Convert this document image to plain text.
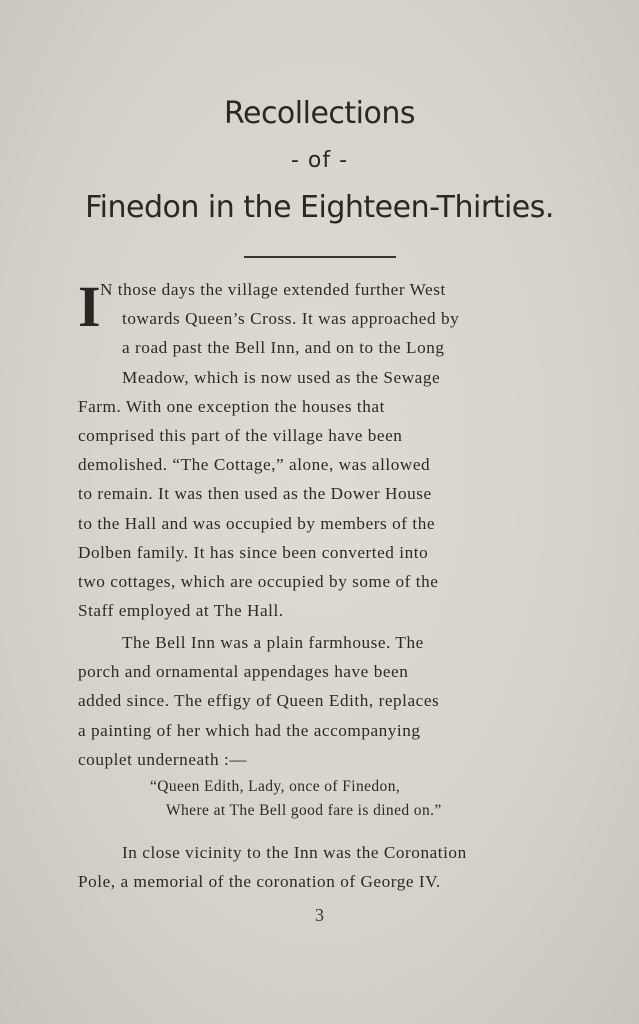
Recollections
- of -
Finedon in the Eighteen-Thirties.
I N those days the village extended further West
towards Queen’s Cross. It was approached by
a road past the Bell Inn, and on to the Long
Meadow, which is now used as the Sewage
Farm. With one exception the houses that
comprised this part of the village have been
demolished. “The Cottage,” alone, was allowed
to remain. It was then used as the Dower House
to the Hall and was occupied by members of the
Dolben family. It has since been converted into
two cottages, which are occupied by some of the
Staff employed at The Hall.
The Bell Inn was a plain farmhouse. The
porch and ornamental appendages have been
added since. The effigy of Queen Edith, replaces
a painting of her which had the accompanying
couplet underneath :—
“Queen Edith, Lady, once of Finedon,
Where at The Bell good fare is dined on.”
In close vicinity to the Inn was the Coronation
Pole, a memorial of the coronation of George IV.
3
